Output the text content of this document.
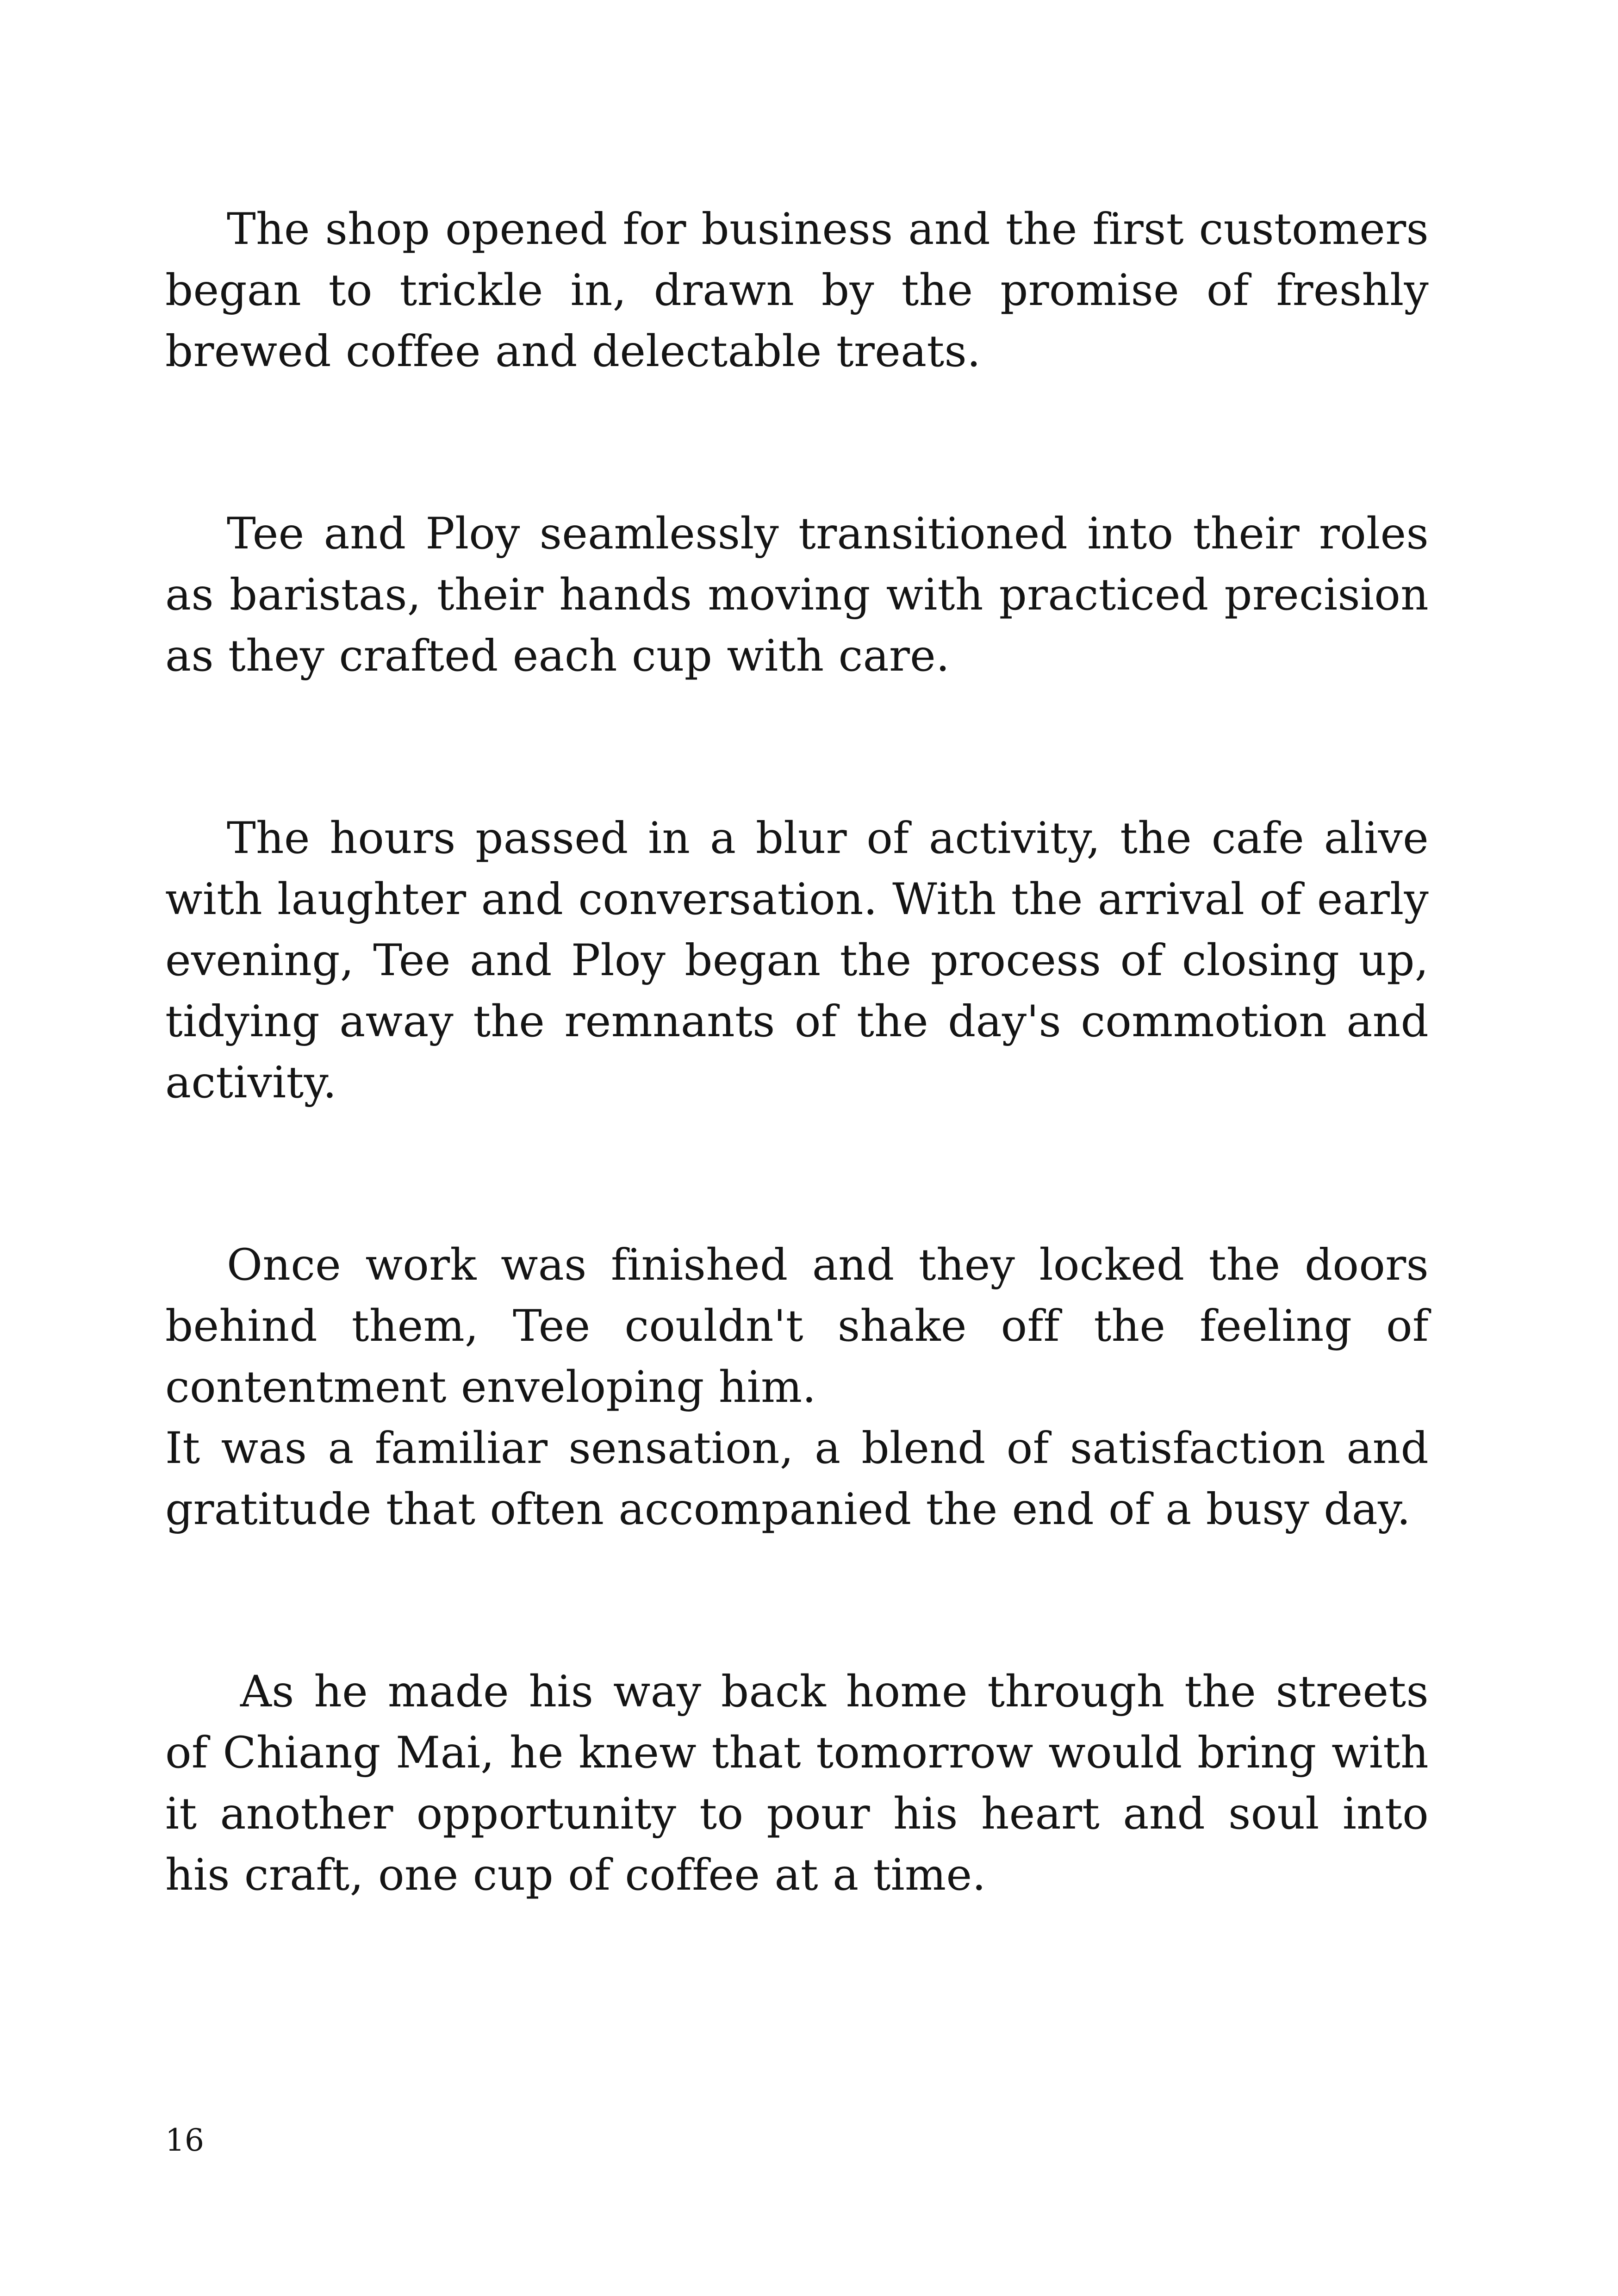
The shop opened for business and the first customers began to trickle in, drawn by the promise of freshly brewed coffee and delectable treats.

Tee and Ploy seamlessly transitioned into their roles as baristas, their hands moving with practiced precision as they crafted each cup with care.

The hours passed in a blur of activity, the cafe alive with laughter and conversation. With the arrival of early evening, Tee and Ploy began the process of closing up, tidying away the remnants of the day's commotion and activity.

Once work was finished and they locked the doors behind them, Tee couldn't shake off the feeling of contentment enveloping him.

It was a familiar sensation, a blend of satisfaction and gratitude that often accompanied the end of a busy day.

As he made his way back home through the streets of Chiang Mai, he knew that tomorrow would bring with it another opportunity to pour his heart and soul into his craft, one cup of coffee at a time.

16
